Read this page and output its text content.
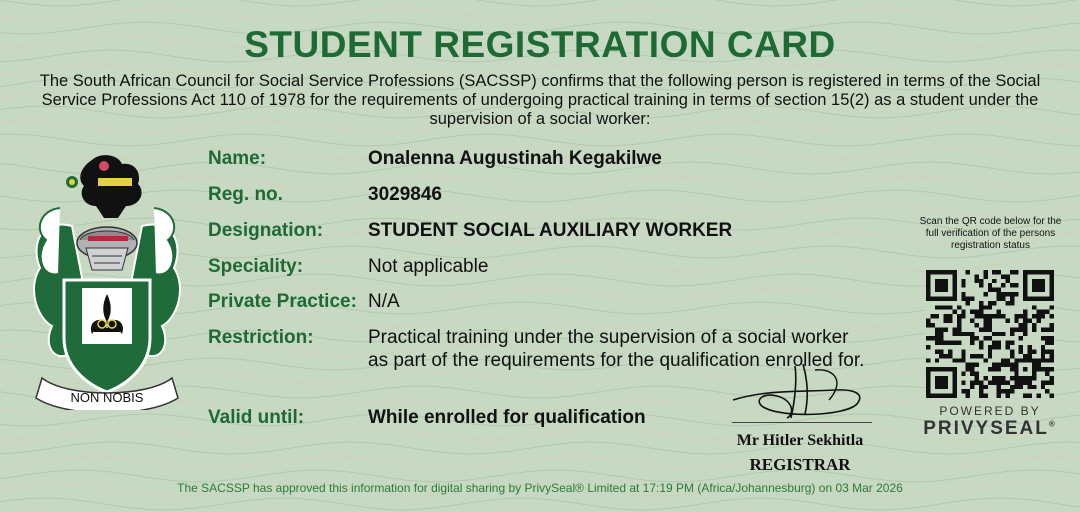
STUDENT REGISTRATION CARD
The South African Council for Social Service Professions (SACSSP) confirms that the following person is registered in terms of the Social Service Professions Act 110 of 1978 for the requirements of undergoing practical training in terms of section 15(2) as a student under the supervision of a social worker:
Name:	Onalenna Augustinah Kegakilwe
Reg. no.	3029846
Designation: STUDENT SOCIAL AUXILIARY WORKER
Speciality:	Not applicable
Private Practice: N/A
Restriction:	Practical training under the supervision of a social worker
as part of the requirements for the qualification enrolled for.
Valid until:	While enrolled for qualification
NON NOBIS
Mr Hitler Sekhitla
REGISTRAR
Scan the QR code below for the full verification of the persons registration status
POWERED BY
PRIVYSEAL®
The SACSSP has approved this information for digital sharing by PrivySeal® Limited at 17:19 PM (Africa/Johannesburg) on 03 Mar 2026
